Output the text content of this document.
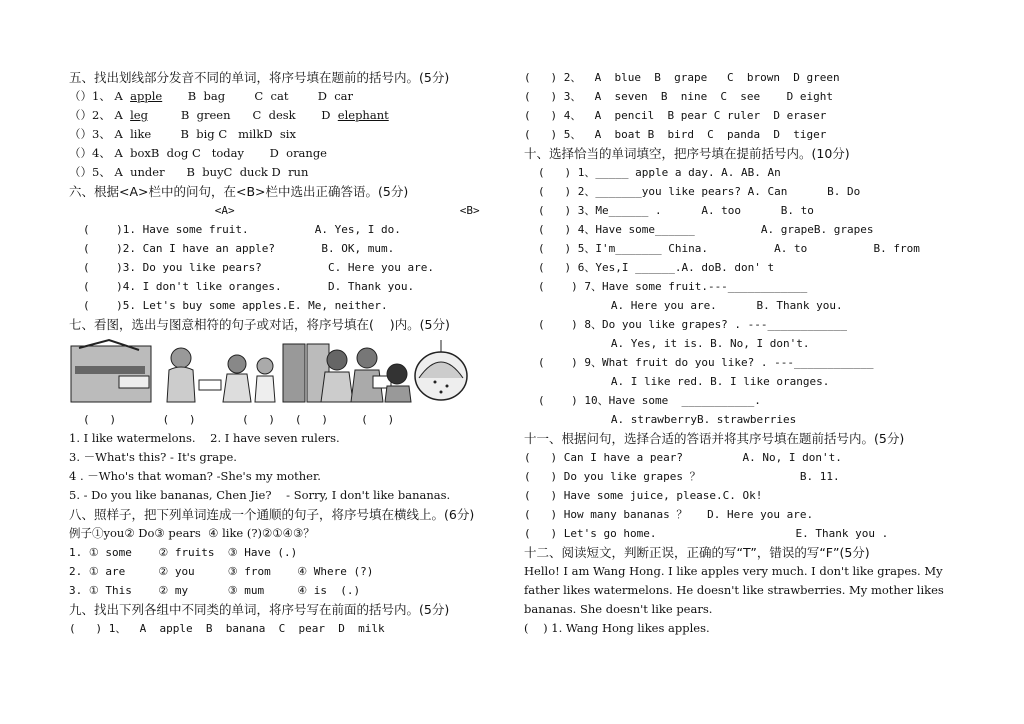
五、找出划线部分发音不同的单词，将序号填在题前的括号内。(5分)
（）1、 A apple B bag	C cat	D car
（）2、 A leg	B green C desk D elephant
（）3、 A like	B big C milkD six
（）4、 A boxB dog C today D orange
（）5、 A under B buyC duck D run
六、根据<A>栏中的问句，在<B>栏中选出正确答语。(5分)
<A>	<B>
(    )1. Have some fruit.          A. Yes, I do.
(    )2. Can I have an apple?       B. OK, mum.
(    )3. Do you like pears?          C. Here you are.
(    )4. I don't like oranges.       D. Thank you.
(    )5. Let's buy some apples.E. Me, neither.
七、看图，选出与图意相符的句子或对话，将序号填在(    )内。(5分)
(   )       (   )       (   )   (   )     (   )
1. I like watermelons.    2. I have seven rulers.
3. －What's this? - It's grape.
4 . －Who's that woman? -She's my mother.
5. - Do you like bananas, Chen Jie?    - Sorry, I don't like bananas.
八、照样子，把下列单词连成一个通顺的句子，将序号填在横线上。(6分)
例子①you② Do③ pears  ④ like (?)②①④③？
1. ① some    ② fruits  ③ Have (.)
2. ① are     ② you     ③ from    ④ Where (?)
3. ① This    ② my      ③ mum     ④ is  (.)
九、找出下列各组中不同类的单词，将序号写在前面的括号内。(5分)
(   ) 1、  A  apple  B  banana  C  pear  D  milk
(   ) 2、  A  blue  B  grape   C  brown  D green
(   ) 3、  A  seven  B  nine  C  see    D eight
(   ) 4、  A  pencil  B pear C ruler  D eraser
(   ) 5、  A  boat B  bird  C  panda  D  tiger
十、选择恰当的单词填空，把序号填在提前括号内。(10分)
(   ) 1、_____ apple a day. A. AB. An
(   ) 2、_______you like pears? A. Can      B. Do
(   ) 3、Me______ .      A. too      B. to
(   ) 4、Have some______          A. grapeB. grapes
(   ) 5、I'm_______ China.          A. to          B. from
(   ) 6、Yes,I ______.A. doB. don' t
(    ) 7、Have some fruit.---____________
A. Here you are.      B. Thank you.
(    ) 8、Do you like grapes? . ---____________
A. Yes, it is. B. No, I don't.
(    ) 9、What fruit do you like? . ---____________
A. I like red. B. I like oranges.
(    ) 10、Have some  ___________.
A. strawberryB. strawberries
十一、根据问句，选择合适的答语并将其序号填在题前括号内。(5分)
(   ) Can I have a pear?         A. No, I don't.
(   ) Do you like grapes ？               B. 11.
(   ) Have some juice, please.C. Ok!
(   ) How many bananas ？   D. Here you are.
(   ) Let's go home.                     E. Thank you .
十二、阅读短文，判断正误，正确的写“T”，错误的写“F”(5分)
Hello! I am Wang Hong. I like apples very much. I don't like grapes. My father likes watermelons. He doesn't like strawberries. My mother likes bananas. She doesn't like pears.
(    ) 1. Wang Hong likes apples.
